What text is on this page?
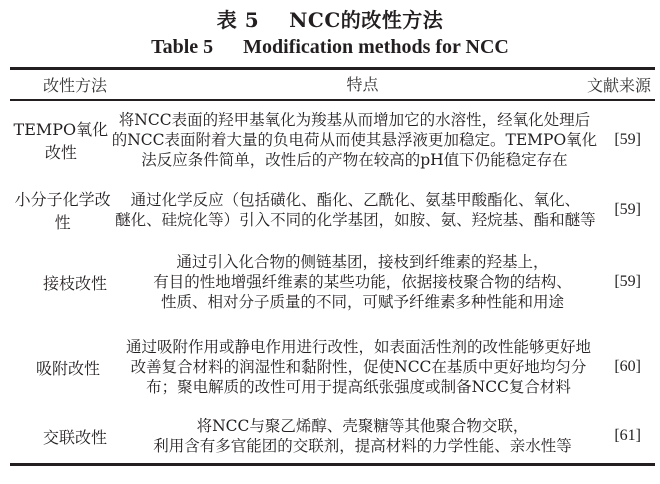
表 5 NCC的改性方法
Table 5 Modification methods for NCC
改性方法	特点	文献来源
TEMPO氧化改性
将NCC表面的羟甲基氧化为羧基从而增加它的水溶性，经氧化处理后
的NCC表面附着大量的负电荷从而使其悬浮液更加稳定。TEMPO氧化
法反应条件简单，改性后的产物在较高的pH值下仍能稳定存在
[59]
小分子化学改性
通过化学反应（包括磺化、酯化、乙酰化、氨基甲酸酯化、氧化、
醚化、硅烷化等）引入不同的化学基团，如胺、氨、羟烷基、酯和醚等
[59]
接枝改性
通过引入化合物的侧链基团，接枝到纤维素的羟基上，
有目的性地增强纤维素的某些功能，依据接枝聚合物的结构、
性质、相对分子质量的不同，可赋予纤维素多种性能和用途
[59]
吸附改性
通过吸附作用或静电作用进行改性，如表面活性剂的改性能够更好地
改善复合材料的润湿性和黏附性，促使NCC在基质中更好地均匀分
布；聚电解质的改性可用于提高纸张强度或制备NCC复合材料
[60]
交联改性
将NCC与聚乙烯醇、壳聚糖等其他聚合物交联，
利用含有多官能团的交联剂，提高材料的力学性能、亲水性等
[61]
